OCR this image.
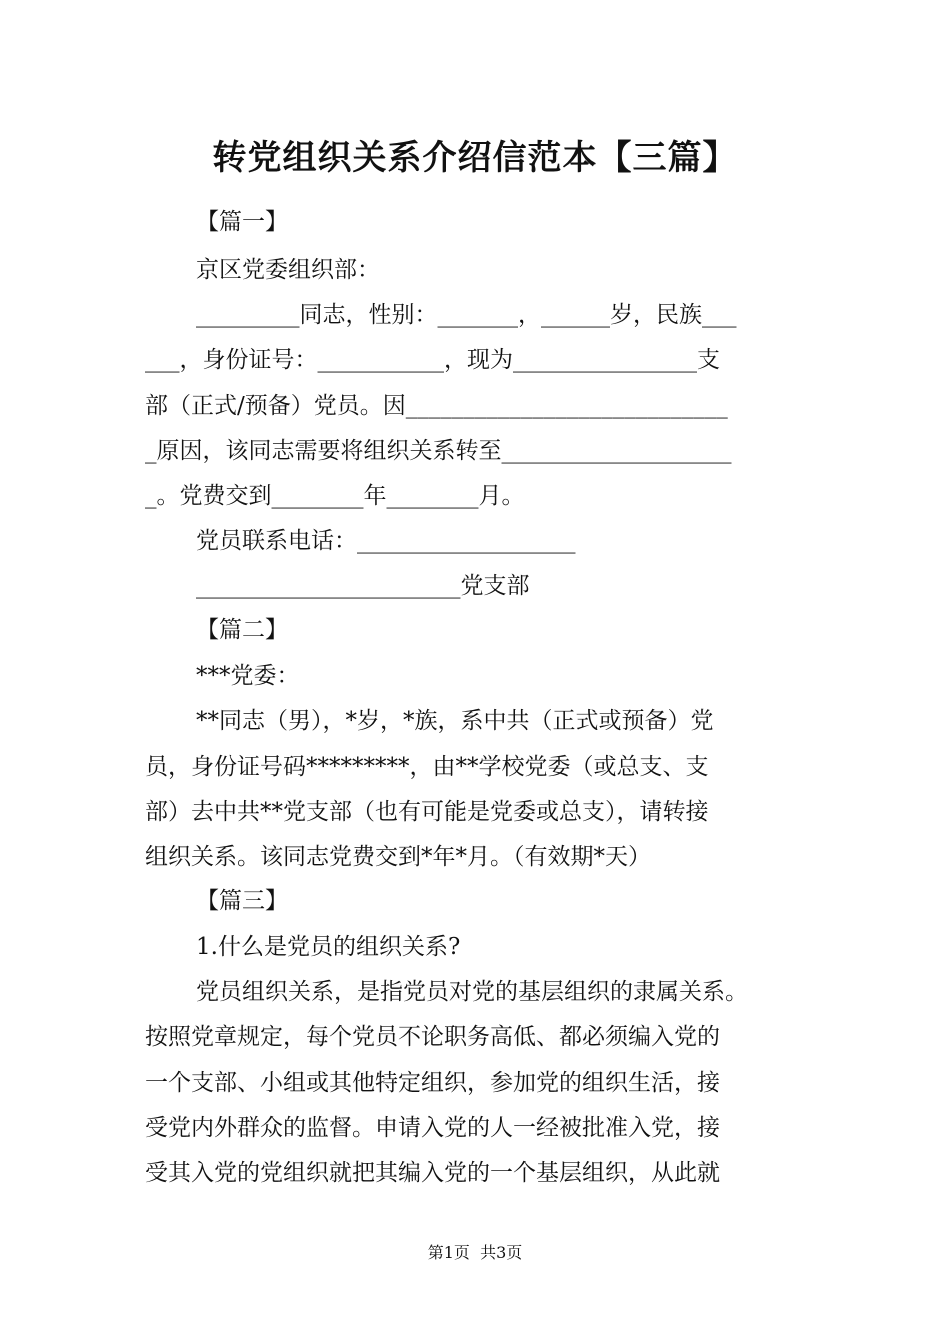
转党组织关系介绍信范本【三篇】
【篇一】
京区党委组织部：
_________同志，性别：_______，______岁，民族___
___，身份证号：___________，现为________________支
部（正式/预备）党员。因____________________________
_原因，该同志需要将组织关系转至____________________
_。党费交到________年________月。
党员联系电话：___________________
_______________________党支部
【篇二】
***党委：
**同志（男），*岁，*族，系中共（正式或预备）党
员，身份证号码*********，由**学校党委（或总支、支
部）去中共**党支部（也有可能是党委或总支），请转接
组织关系。该同志党费交到*年*月。（有效期*天）
【篇三】
1.什么是党员的组织关系?
党员组织关系，是指党员对党的基层组织的隶属关系。
按照党章规定，每个党员不论职务高低、都必须编入党的
一个支部、小组或其他特定组织，参加党的组织生活，接
受党内外群众的监督。申请入党的人一经被批准入党，接
受其入党的党组织就把其编入党的一个基层组织，从此就
第1页  共3页
